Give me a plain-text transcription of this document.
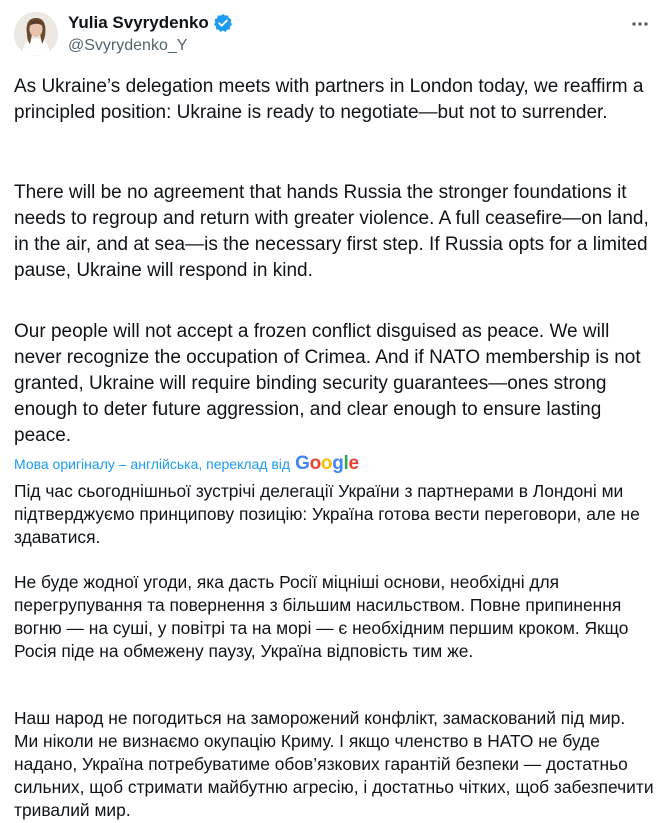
Yulia Svyrydenko
@Svyrydenko_Y

As Ukraine’s delegation meets with partners in London today, we reaffirm a principled position: Ukraine is ready to negotiate—but not to surrender.

There will be no agreement that hands Russia the stronger foundations it needs to regroup and return with greater violence. A full ceasefire—on land, in the air, and at sea—is the necessary first step. If Russia opts for a limited pause, Ukraine will respond in kind.

Our people will not accept a frozen conflict disguised as peace. We will never recognize the occupation of Crimea. And if NATO membership is not granted, Ukraine will require binding security guarantees—ones strong enough to deter future aggression, and clear enough to ensure lasting peace.

Мова оригіналу – англійська, переклад від Google

Під час сьогоднішньої зустрічі делегації України з партнерами в Лондоні ми підтверджуємо принципову позицію: Україна готова вести переговори, але не здаватися.

Не буде жодної угоди, яка дасть Росії міцніші основи, необхідні для перегрупування та повернення з більшим насильством. Повне припинення вогню — на суші, у повітрі та на морі — є необхідним першим кроком. Якщо Росія піде на обмежену паузу, Україна відповість тим же.

Наш народ не погодиться на заморожений конфлікт, замаскований під мир. Ми ніколи не визнаємо окупацію Криму. І якщо членство в НАТО не буде надано, Україна потребуватиме обов’язкових гарантій безпеки — достатньо сильних, щоб стримати майбутню агресію, і достатньо чітких, щоб забезпечити тривалий мир.
